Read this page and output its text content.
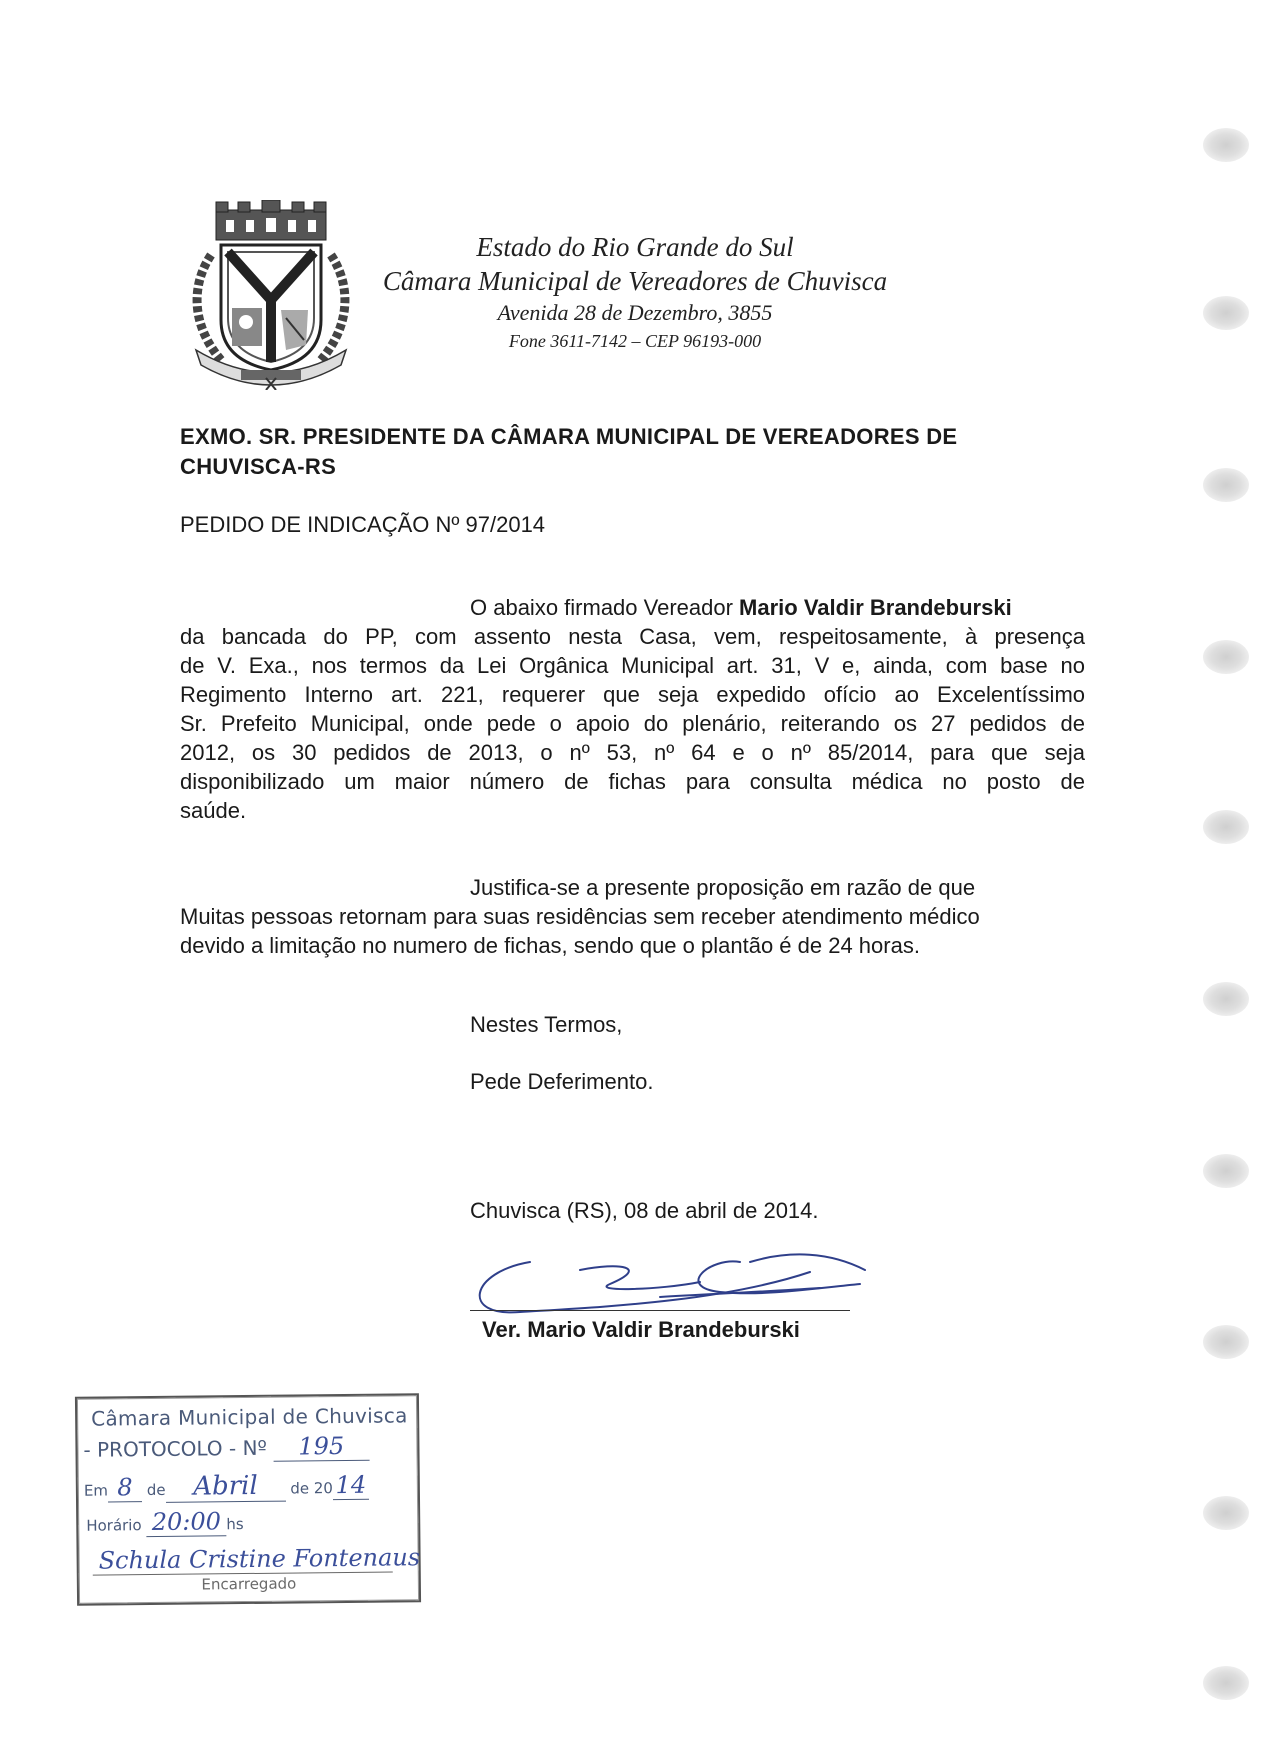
Estado do Rio Grande do Sul
Câmara Municipal de Vereadores de Chuvisca
Avenida 28 de Dezembro, 3855
Fone 3611-7142 – CEP 96193-000
EXMO. SR. PRESIDENTE DA CÂMARA MUNICIPAL DE VEREADORES DE
CHUVISCA-RS
PEDIDO DE INDICAÇÃO Nº 97/2014
O abaixo firmado Vereador Mario Valdir Brandeburski
da bancada do PP, com assento nesta Casa, vem, respeitosamente, à presença
de V. Exa., nos termos da Lei Orgânica Municipal art. 31, V e, ainda, com base no
Regimento Interno art. 221, requerer que seja expedido ofício ao Excelentíssimo
Sr. Prefeito Municipal, onde pede o apoio do plenário, reiterando os 27 pedidos de
2012, os 30 pedidos de 2013, o nº 53, nº 64 e o nº 85/2014, para que seja
disponibilizado um maior número de fichas para consulta médica no posto de
saúde.
Justifica-se a presente proposição em razão de que
Muitas pessoas retornam para suas residências sem receber atendimento médico
devido a limitação no numero de fichas, sendo que o plantão é de 24 horas.
Nestes Termos,
Pede Deferimento.
Chuvisca (RS), 08 de abril de 2014.
Ver. Mario Valdir Brandeburski
Câmara Municipal de Chuvisca
- PROTOCOLO - Nº 195
Em 8 de Abril de 20 14
Horário 20:00 hs
Schula Cristine Fontenaus
Encarregado
